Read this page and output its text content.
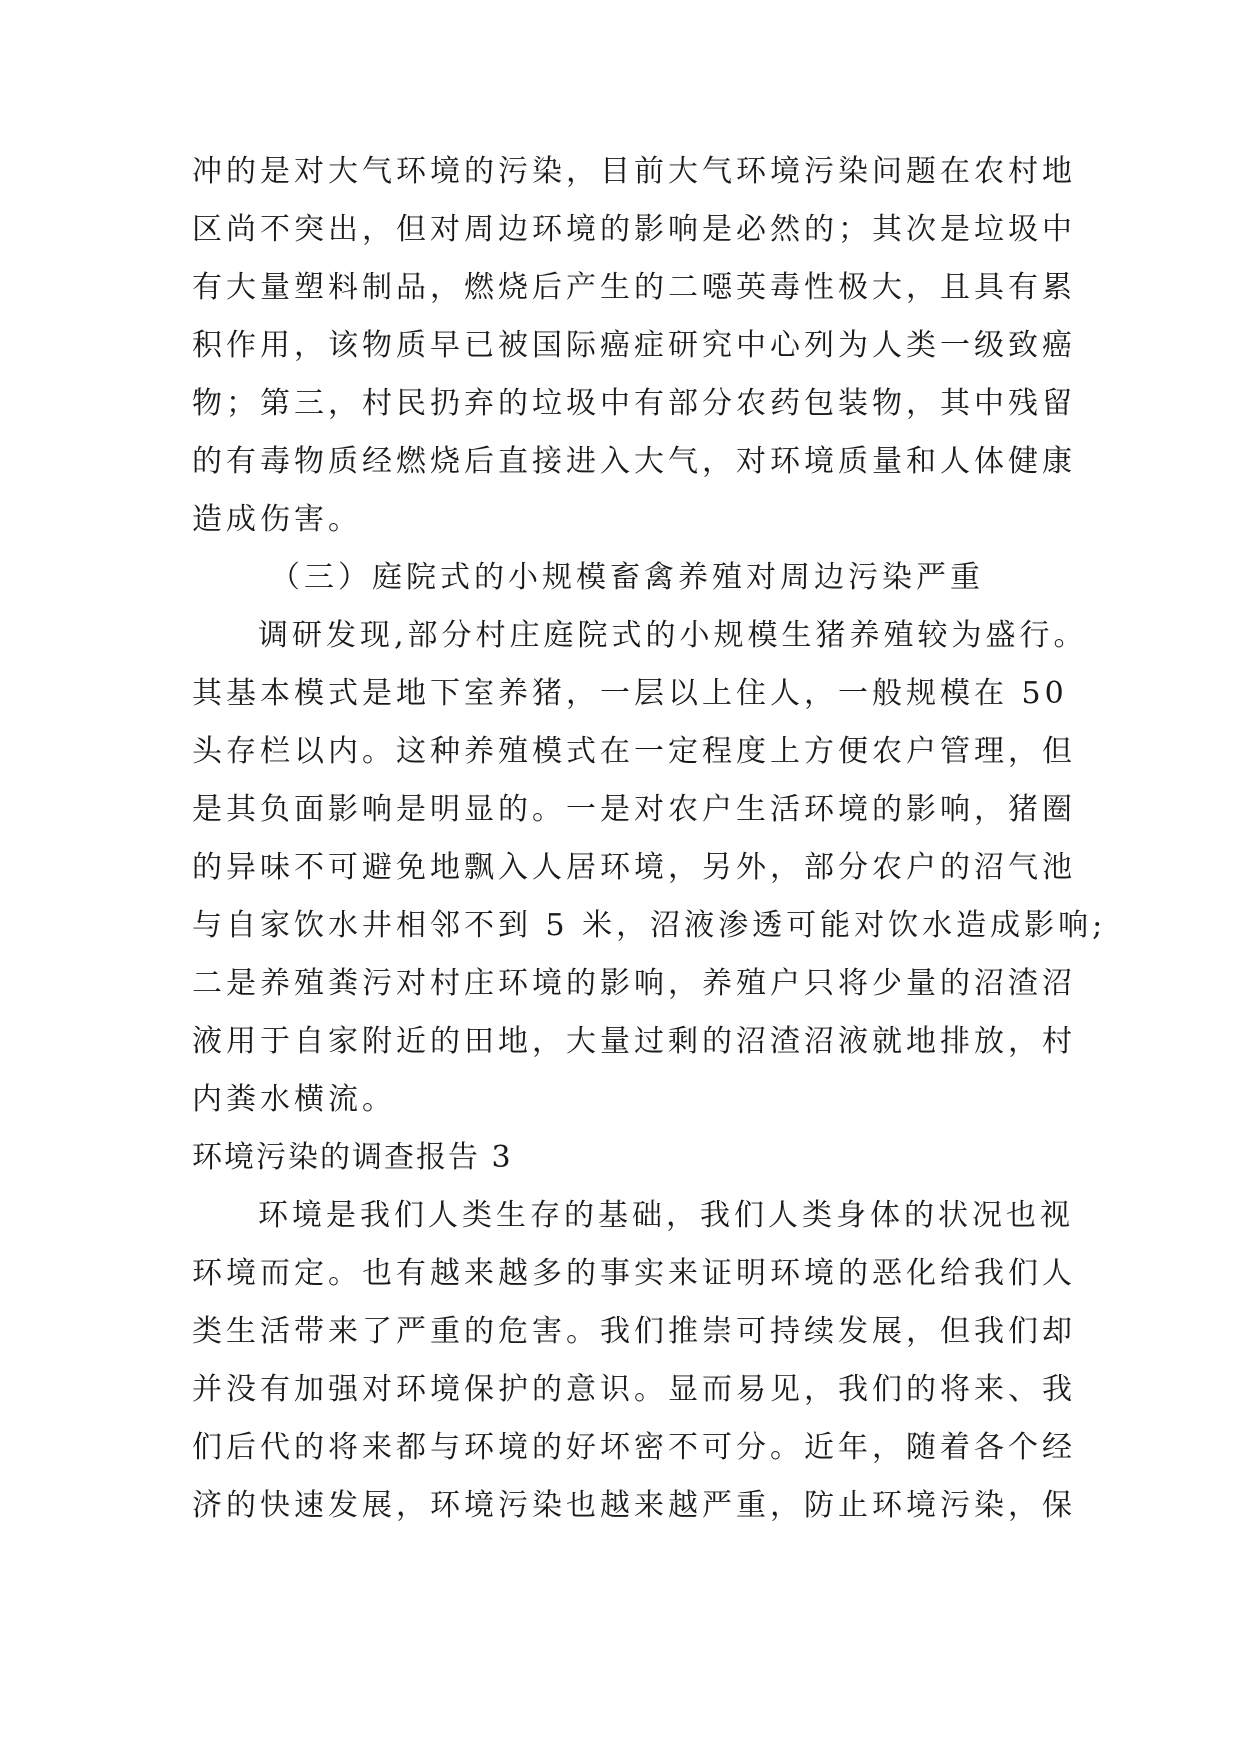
冲的是对大气环境的污染，目前大气环境污染问题在农村地
区尚不突出，但对周边环境的影响是必然的；其次是垃圾中
有大量塑料制品，燃烧后产生的二噁英毒性极大，且具有累
积作用，该物质早已被国际癌症研究中心列为人类一级致癌
物；第三，村民扔弃的垃圾中有部分农药包装物，其中残留
的有毒物质经燃烧后直接进入大气，对环境质量和人体健康
造成伤害。
（三）庭院式的小规模畜禽养殖对周边污染严重
调研发现,部分村庄庭院式的小规模生猪养殖较为盛行。
其基本模式是地下室养猪，一层以上住人，一般规模在 50
头存栏以内。这种养殖模式在一定程度上方便农户管理，但
是其负面影响是明显的。一是对农户生活环境的影响，猪圈
的异味不可避免地飘入人居环境，另外，部分农户的沼气池
与自家饮水井相邻不到 5 米，沼液渗透可能对饮水造成影响;
二是养殖粪污对村庄环境的影响，养殖户只将少量的沼渣沼
液用于自家附近的田地，大量过剩的沼渣沼液就地排放，村
内粪水横流。
环境污染的调查报告 3
环境是我们人类生存的基础，我们人类身体的状况也视
环境而定。也有越来越多的事实来证明环境的恶化给我们人
类生活带来了严重的危害。我们推崇可持续发展，但我们却
并没有加强对环境保护的意识。显而易见，我们的将来、我
们后代的将来都与环境的好坏密不可分。近年，随着各个经
济的快速发展，环境污染也越来越严重，防止环境污染，保
